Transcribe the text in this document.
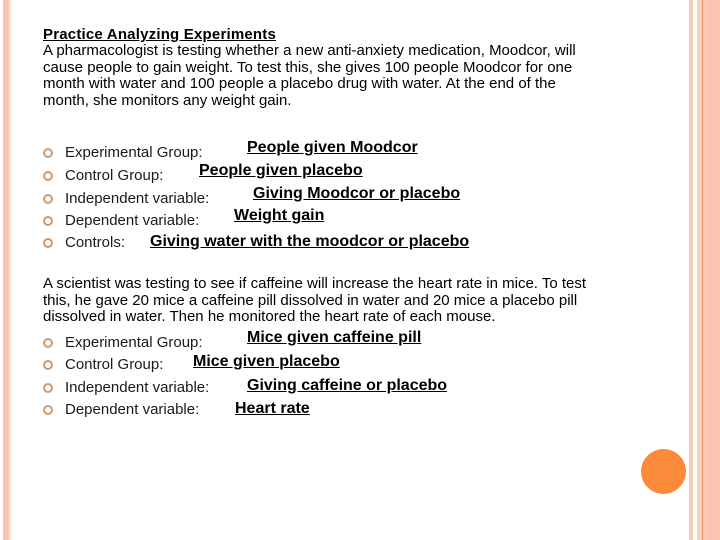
Practice Analyzing Experiments

A pharmacologist is testing whether a new anti-anxiety medication, Moodcor, will
cause people to gain weight. To test this, she gives 100 people Moodcor for one
month with water and 100 people a placebo drug with water. At the end of the
month, she monitors any weight gain.

Experimental Group:	People given Moodcor
Control Group: People given placebo
Independent variable:	Giving Moodcor or placebo
Dependent variable: Weight gain
Controls: Giving water with the moodcor or placebo

A scientist was testing to see if caffeine will increase the heart rate in mice. To test
this, he gave 20 mice a caffeine pill dissolved in water and 20 mice a placebo pill
dissolved in water. Then he monitored the heart rate of each mouse.

Experimental Group:	Mice given caffeine pill
Control Group: Mice given placebo
Independent variable: Giving caffeine or placebo
Dependent variable: Heart rate
